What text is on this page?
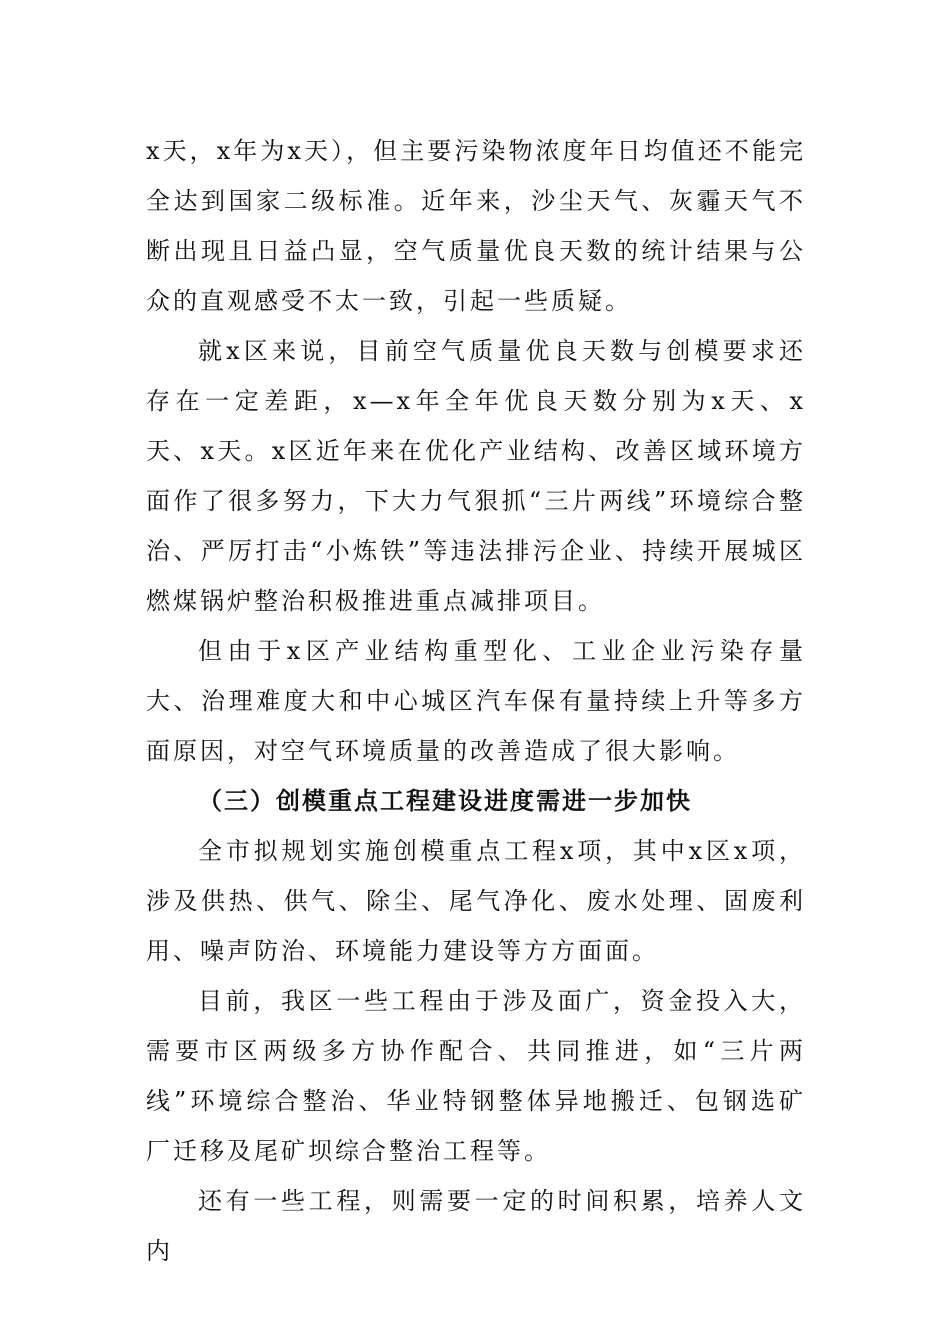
x天，x年为x天），但主要污染物浓度年日均值还不能完全达到国家二级标准。近年来，沙尘天气、灰霾天气不断出现且日益凸显，空气质量优良天数的统计结果与公众的直观感受不太一致，引起一些质疑。

就x区来说，目前空气质量优良天数与创模要求还存在一定差距，x—x年全年优良天数分别为x天、x天、x天。x区近年来在优化产业结构、改善区域环境方面作了很多努力，下大力气狠抓“三片两线”环境综合整治、严厉打击“小炼铁”等违法排污企业、持续开展城区燃煤锅炉整治积极推进重点减排项目。

但由于x区产业结构重型化、工业企业污染存量大、治理难度大和中心城区汽车保有量持续上升等多方面原因，对空气环境质量的改善造成了很大影响。

（三）创模重点工程建设进度需进一步加快

全市拟规划实施创模重点工程x项，其中x区x项，涉及供热、供气、除尘、尾气净化、废水处理、固废利用、噪声防治、环境能力建设等方方面面。

目前，我区一些工程由于涉及面广，资金投入大，需要市区两级多方协作配合、共同推进，如“三片两线”环境综合整治、华业特钢整体异地搬迁、包钢选矿厂迁移及尾矿坝综合整治工程等。

还有一些工程，则需要一定的时间积累，培养人文内
